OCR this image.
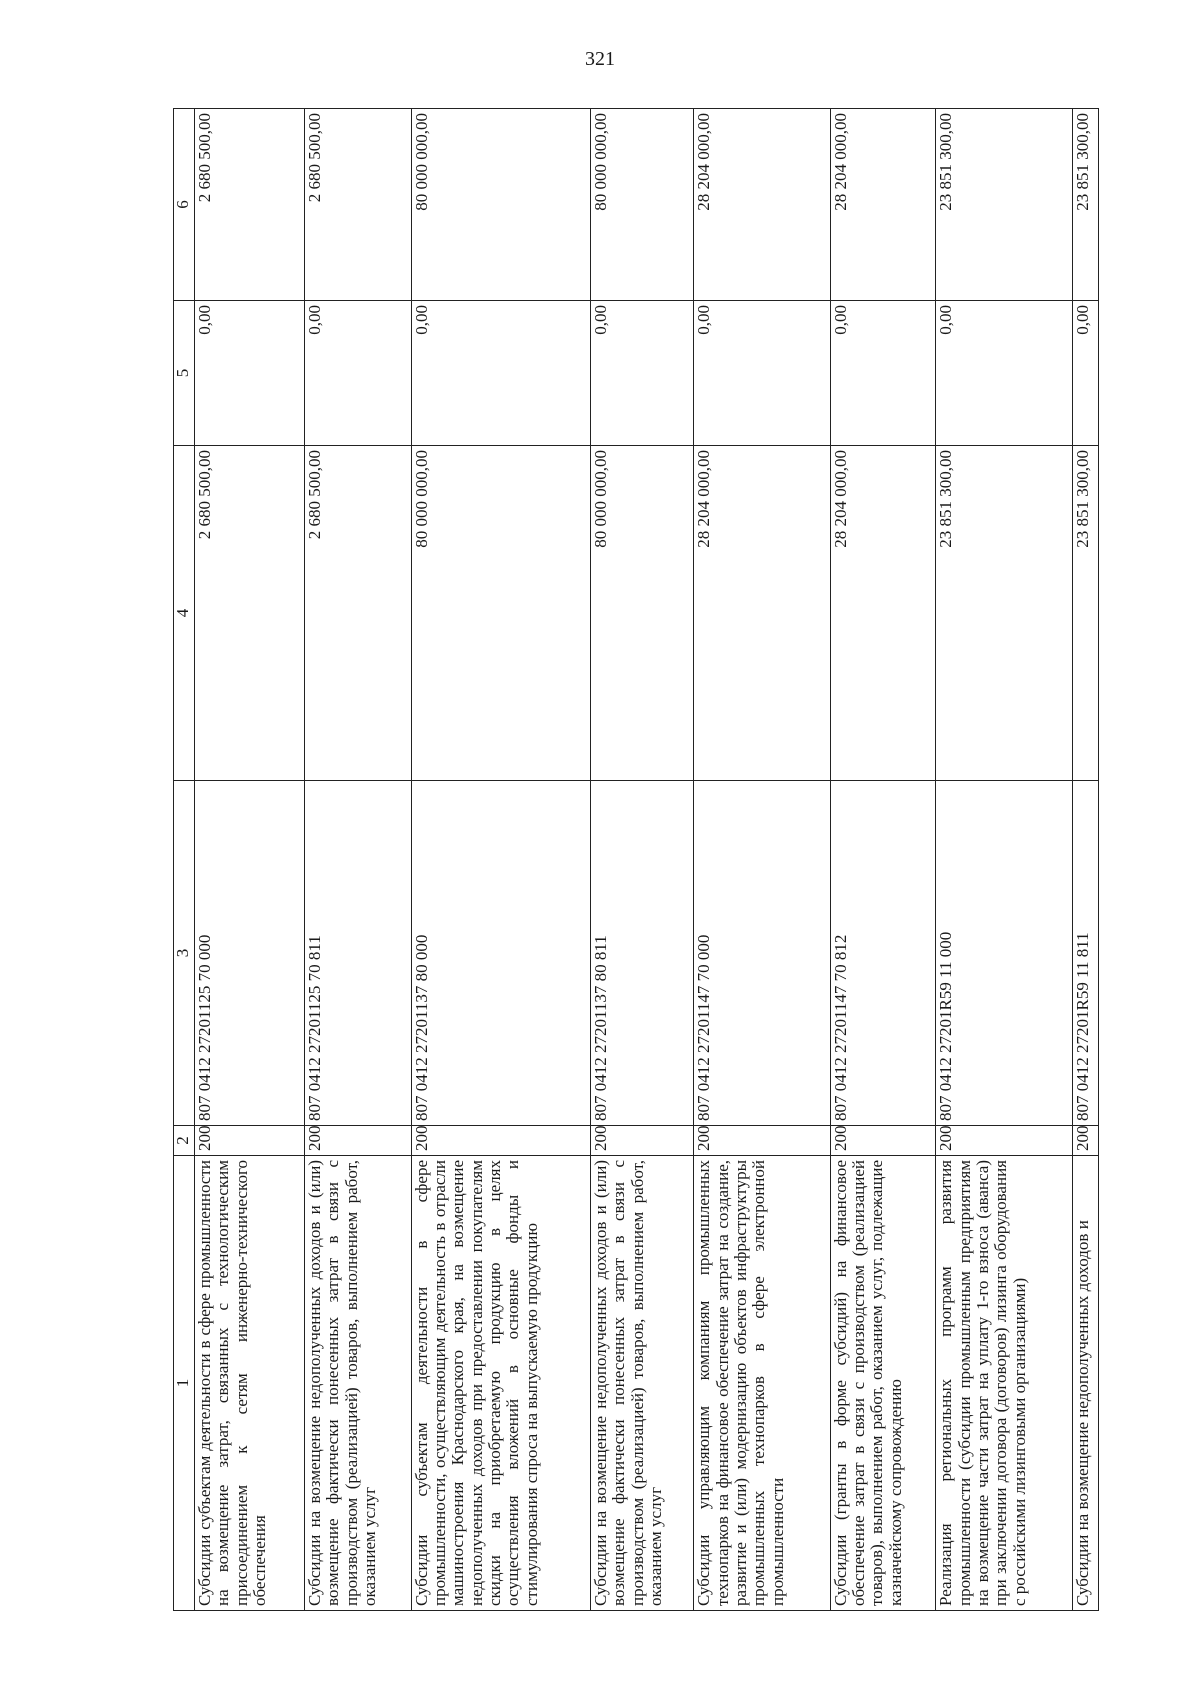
321
1	2	3	4	5	6
Субсидии субъектам деятельности в сфере промышленности на возмещение затрат, связанных с технологическим присоединением к сетям инженерно-технического обеспечения	200	807 0412 27201125 70 000	2 680 500,00	0,00	2 680 500,00
Субсидии на возмещение недополученных доходов и (или) возмещение фактически понесенных затрат в связи с производством (реализацией) товаров, выполнением работ, оказанием услуг	200	807 0412 27201125 70 811	2 680 500,00	0,00	2 680 500,00
Субсидии субъектам деятельности в сфере промышленности, осуществляющим деятельность в отрасли машиностроения Краснодарского края, на возмещение недополученных доходов при предоставлении покупателям скидки на приобретаемую продукцию в целях осуществления вложений в основные фонды и стимулирования спроса на выпускаемую продукцию	200	807 0412 27201137 80 000	80 000 000,00	0,00	80 000 000,00
Субсидии на возмещение недополученных доходов и (или) возмещение фактически понесенных затрат в связи с производством (реализацией) товаров, выполнением работ, оказанием услуг	200	807 0412 27201137 80 811	80 000 000,00	0,00	80 000 000,00
Субсидии управляющим компаниям промышленных технопарков на финансовое обеспечение затрат на создание, развитие и (или) модернизацию объектов инфраструктуры промышленных технопарков в сфере электронной промышленности	200	807 0412 27201147 70 000	28 204 000,00	0,00	28 204 000,00
Субсидии (гранты в форме субсидий) на финансовое обеспечение затрат в связи с производством (реализацией товаров), выполнением работ, оказанием услуг, подлежащие казначейскому сопровождению	200	807 0412 27201147 70 812	28 204 000,00	0,00	28 204 000,00
Реализация региональных программ развития промышленности (субсидии промышленным предприятиям на возмещение части затрат на уплату 1-го взноса (аванса) при заключении договора (договоров) лизинга оборудования с российскими лизинговыми организациями)	200	807 0412 27201R59 11 000	23 851 300,00	0,00	23 851 300,00
Субсидии на возмещение недополученных доходов и	200	807 0412 27201R59 11 811	23 851 300,00	0,00	23 851 300,00
